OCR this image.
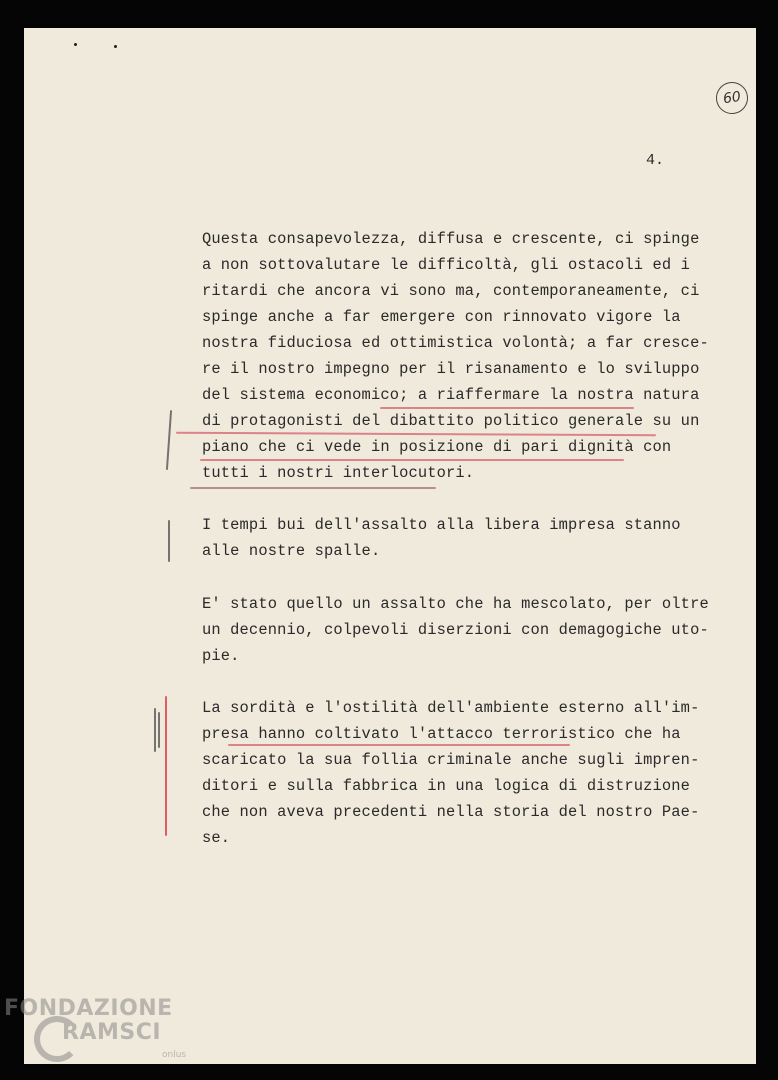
60
4.
Questa consapevolezza, diffusa e crescente, ci spinge
a non sottovalutare le difficoltà, gli ostacoli ed i
ritardi che ancora vi sono ma, contemporaneamente, ci
spinge anche a far emergere con rinnovato vigore la
nostra fiduciosa ed ottimistica volontà; a far cresce-
re il nostro impegno per il risanamento e lo sviluppo
del sistema economico; a riaffermare la nostra natura
di protagonisti del dibattito politico generale su un
piano che ci vede in posizione di pari dignità con
tutti i nostri interlocutori.
I tempi bui dell'assalto alla libera impresa stanno
alle nostre spalle.
E' stato quello un assalto che ha mescolato, per oltre
un decennio, colpevoli diserzioni con demagogiche uto-
pie.
La sordità e l'ostilità dell'ambiente esterno all'im-
presa hanno coltivato l'attacco terroristico che ha
scaricato la sua follia criminale anche sugli impren-
ditori e sulla fabbrica in una logica di distruzione
che non aveva precedenti nella storia del nostro Pae-
se.
FONDAZIONE
RAMSCI
onlus
